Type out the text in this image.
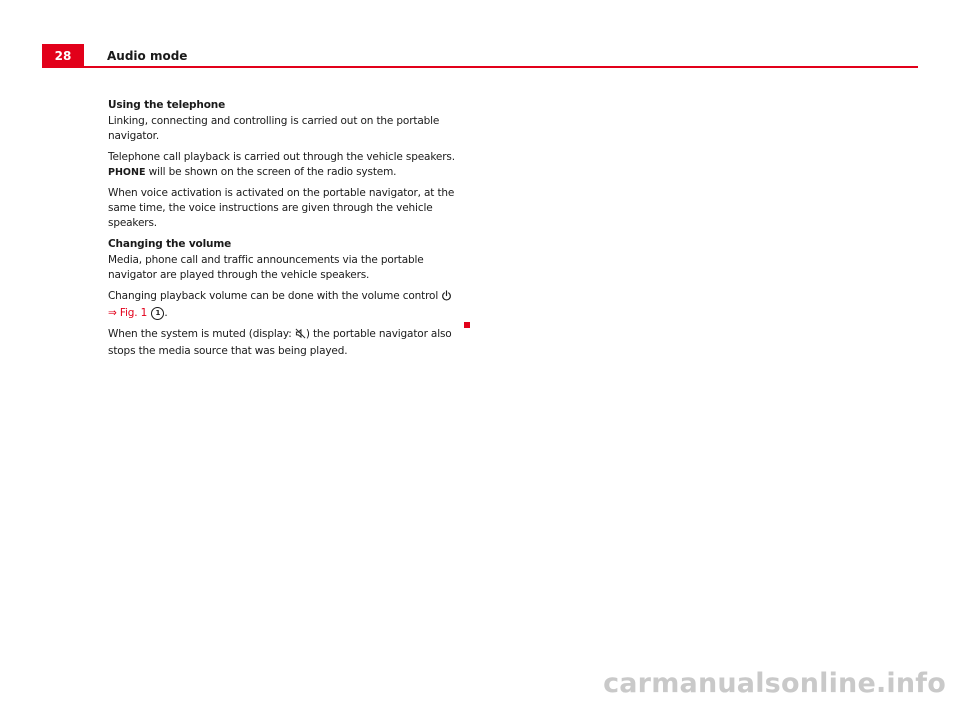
28	Audio mode
Using the telephone

Linking, connecting and controlling is carried out on the portable navigator.

Telephone call playback is carried out through the vehicle speakers. PHONE will be shown on the screen of the radio system.

When voice activation is activated on the portable navigator, at the same time, the voice instructions are given through the vehicle speakers.

Changing the volume

Media, phone call and traffic announcements via the portable navigator are played through the vehicle speakers.

Changing playback volume can be done with the volume control
⇒ Fig. 1 1 .

When the system is muted (display: ) the portable navigator also stops the media source that was being played.

carmanualsonline.info
